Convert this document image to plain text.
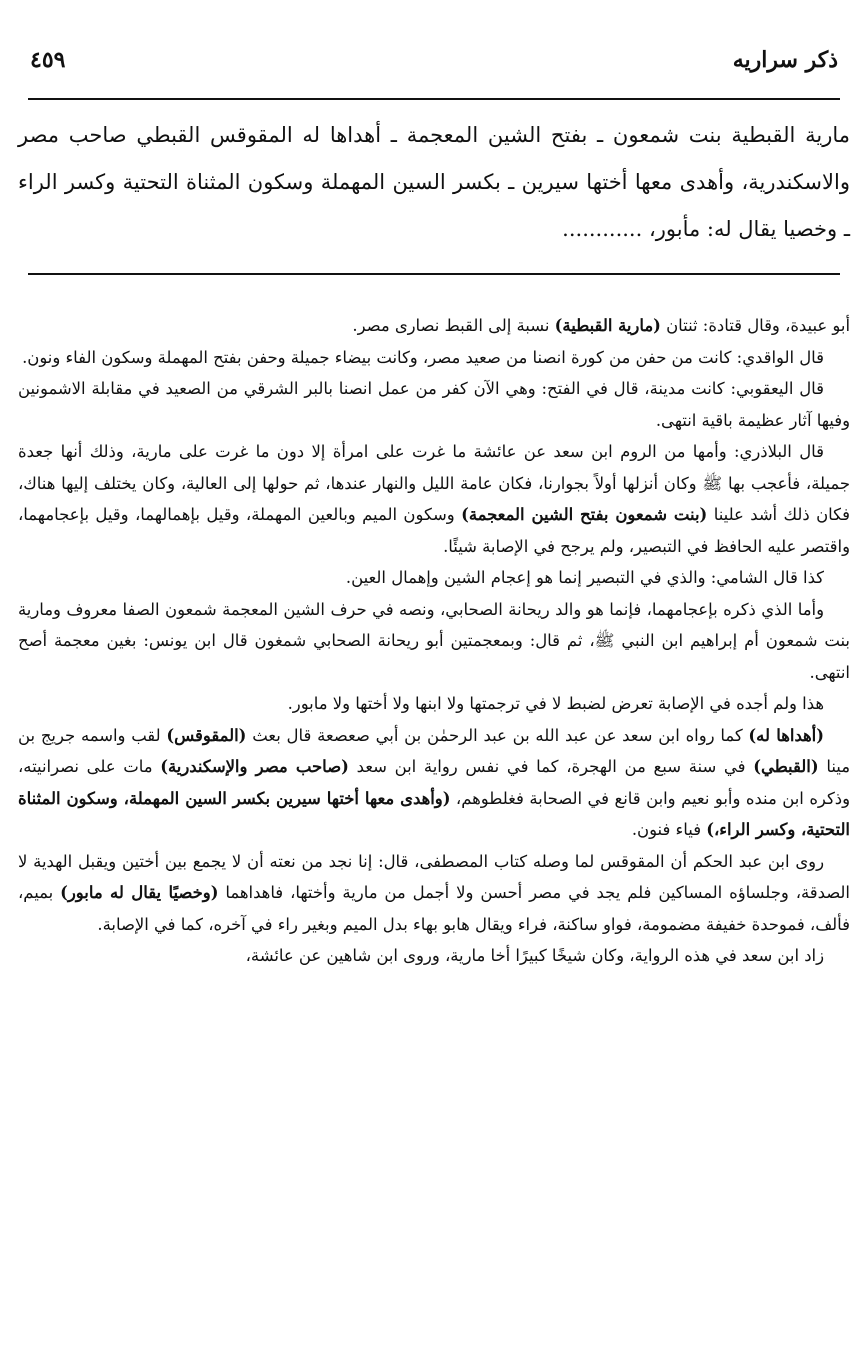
ذكر سراريه
٤٥٩

مارية القبطية بنت شمعون ـ بفتح الشين المعجمة ـ أهداها له المقوقس القبطي صاحب مصر والاسكندرية، وأهدى معها أختها سيرين ـ بكسر السين المهملة وسكون المثناة التحتية وكسر الراء ـ وخصيا يقال له: مأبور، ............

أبو عبيدة، وقال قتادة: ثنتان (مارية القبطية) نسبة إلى القبط نصارى مصر.

قال الواقدي: كانت من حفن من كورة انصنا من صعيد مصر، وكانت بيضاء جميلة وحفن بفتح المهملة وسكون الفاء ونون.

قال اليعقوبي: كانت مدينة، قال في الفتح: وهي الآن كفر من عمل انصنا بالبر الشرقي من الصعيد في مقابلة الاشمونين وفيها آثار عظيمة باقية انتهى.

قال البلاذري: وأمها من الروم ابن سعد عن عائشة ما غرت على امرأة إلا دون ما غرت على مارية، وذلك أنها جعدة جميلة، فأعجب بها ﷺ وكان أنزلها أولاً بجوارنا، فكان عامة الليل والنهار عندها، ثم حولها إلى العالية، وكان يختلف إليها هناك، فكان ذلك أشد علينا (بنت شمعون بفتح الشين المعجمة) وسكون الميم وبالعين المهملة، وقيل بإهمالهما، وقيل بإعجامهما، واقتصر عليه الحافظ في التبصير، ولم يرجح في الإصابة شيئًا.

كذا قال الشامي: والذي في التبصير إنما هو إعجام الشين وإهمال العين.

وأما الذي ذكره بإعجامهما، فإنما هو والد ريحانة الصحابي، ونصه في حرف الشين المعجمة شمعون الصفا معروف ومارية بنت شمعون أم إبراهيم ابن النبي ﷺ، ثم قال: وبمعجمتين أبو ريحانة الصحابي شمغون قال ابن يونس: بغين معجمة أصح انتهى.

هذا ولم أجده في الإصابة تعرض لضبط لا في ترجمتها ولا ابنها ولا أختها ولا مابور.

(أهداها له) كما رواه ابن سعد عن عبد الله بن عبد الرحمٰن بن أبي صعصعة قال بعث (المقوقس) لقب واسمه جريج بن مينا (القبطي) في سنة سبع من الهجرة، كما في نفس رواية ابن سعد (صاحب مصر والإسكندرية) مات على نصرانيته، وذكره ابن منده وأبو نعيم وابن قانع في الصحابة فغلطوهم، (وأهدى معها أختها سيرين بكسر السين المهملة، وسكون المثناة التحتية، وكسر الراء،) فياء فنون.

روى ابن عبد الحكم أن المقوقس لما وصله كتاب المصطفى، قال: إنا نجد من نعته أن لا يجمع بين أختين ويقبل الهدية لا الصدقة، وجلساؤه المساكين فلم يجد في مصر أحسن ولا أجمل من مارية وأختها، فاهداهما (وخصيًا يقال له مابور) بميم، فألف، فموحدة خفيفة مضمومة، فواو ساكنة، فراء ويقال هابو بهاء بدل الميم وبغير راء في آخره، كما في الإصابة.

زاد ابن سعد في هذه الرواية، وكان شيخًا كبيرًا أخا مارية، وروى ابن شاهين عن عائشة،
